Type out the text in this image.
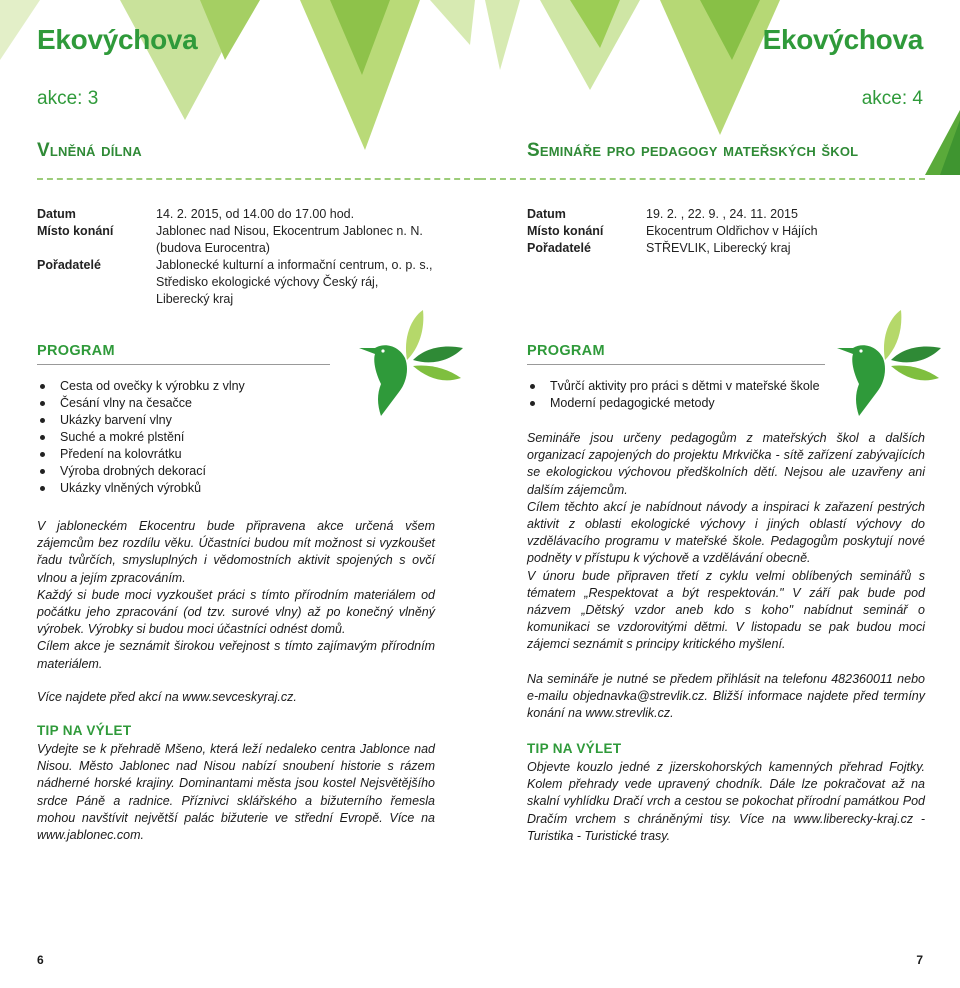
Ekovýchova
akce: 3
Vlněná dílna
Datum	14. 2. 2015, od 14.00 do 17.00 hod.
Místo konání	Jablonec nad Nisou, Ekocentrum Jablonec n. N.
(budova Eurocentra)
Pořadatelé	Jablonecké kulturní a informační centrum, o. p. s.,
Středisko ekologické výchovy Český ráj,
Liberecký kraj
PROGRAM
Cesta od ovečky k výrobku z vlny
Česání vlny na česačce
Ukázky barvení vlny
Suché a mokré plstění
Předení na kolovrátku
Výroba drobných dekorací
Ukázky vlněných výrobků

V jabloneckém Ekocentru bude připravena akce určená všem zájemcům bez rozdílu věku. Účastníci budou mít možnost si vyzkoušet řadu tvůrčích, smysluplných i vědomostních aktivit spojených s ovčí vlnou a jejím zpracováním.

Každý si bude moci vyzkoušet práci s tímto přírodním materiálem od počátku jeho zpracování (od tzv. surové vlny) až po konečný vlněný výrobek. Výrobky si budou moci účastníci odnést domů.

Cílem akce je seznámit širokou veřejnost s tímto zajímavým přírodním materiálem.

Více najdete před akcí na www.sevceskyraj.cz.
TIP NA VÝLET
Vydejte se k přehradě Mšeno, která leží nedaleko centra Jablonce nad Nisou. Město Jablonec nad Nisou nabízí snoubení historie s rázem nádherné horské krajiny. Dominantami města jsou kostel Nejsvětějšího srdce Páně a radnice. Příznivci sklářského a bižuterního řemesla mohou navštívit největší palác bižuterie ve střední Evropě. Více na www.jablonec.com.
6
Ekovýchova
akce: 4
Semináře pro pedagogy mateřských škol
Datum	19. 2. , 22. 9. , 24. 11. 2015
Místo konání	Ekocentrum Oldřichov v Hájích
Pořadatelé	STŘEVLIK, Liberecký kraj
PROGRAM
Tvůrčí aktivity pro práci s dětmi v mateřské škole
Moderní pedagogické metody

Semináře jsou určeny pedagogům z mateřských škol a dalších organizací zapojených do projektu Mrkvička - sítě zařízení zabývajících se ekologickou výchovou předškolních dětí. Nejsou ale uzavřeny ani dalším zájemcům.

Cílem těchto akcí je nabídnout návody a inspiraci k zařazení pestrých aktivit z oblasti ekologické výchovy i jiných oblastí výchovy do vzdělávacího programu v mateřské škole. Pedagogům poskytují nové podněty v přístupu k výchově a vzdělávání obecně.

V únoru bude připraven třetí z cyklu velmi oblíbených seminářů s tématem „Respektovat a být respektován." V září pak bude pod názvem „Dětský vzdor aneb kdo s koho" nabídnut seminář o komunikaci se vzdorovitými dětmi. V listopadu se pak budou moci zájemci seznámit s principy kritického myšlení.

Na semináře je nutné se předem přihlásit na telefonu 482360011 nebo e-mailu objednavka@strevlik.cz. Bližší informace najdete před termíny konání na www.strevlik.cz.
TIP NA VÝLET
Objevte kouzlo jedné z jizerskohorských kamenných přehrad Fojtky. Kolem přehrady vede upravený chodník. Dále lze pokračovat až na skalní vyhlídku Dračí vrch a cestou se pokochat přírodní památkou Pod Dračím vrchem s chráněnými tisy. Více na www.liberecky-kraj.cz - Turistika - Turistické trasy.
7
